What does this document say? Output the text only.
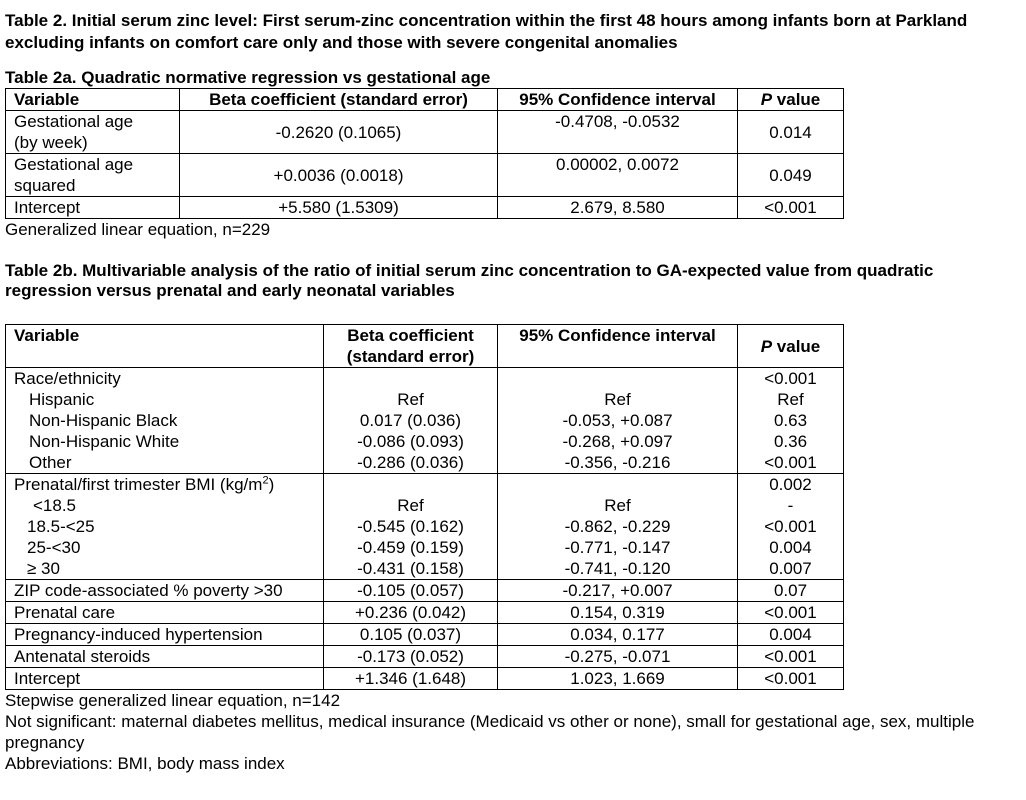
Table 2. Initial serum zinc level: First serum-zinc concentration within the first 48 hours among infants born at Parkland excluding infants on comfort care only and those with severe congenital anomalies

Table 2a. Quadratic normative regression vs gestational age

Variable	Beta coefficient (standard error)	95% Confidence interval	P value

Gestational age
(by week)	-0.2620 (0.1065)	-0.4708, -0.0532	0.014

Gestational age
squared	+0.0036 (0.0018)	0.00002, 0.0072	0.049
Intercept	+5.580 (1.5309)	2.679, 8.580	<0.001

Generalized linear equation, n=229

Table 2b. Multivariable analysis of the ratio of initial serum zinc concentration to GA-expected value from quadratic regression versus prenatal and early neonatal variables

Variable	Beta coefficient
(standard error)	95% Confidence interval	P value
Race/ethnicity			<0.001
Hispanic	Ref	Ref	Ref
Non-Hispanic Black	0.017 (0.036)	-0.053, +0.087	0.63
Non-Hispanic White	-0.086 (0.093)	-0.268, +0.097	0.36
Other	-0.286 (0.036)	-0.356, -0.216	<0.001
Prenatal/first trimester BMI $(kg/m^2)$			0.002
<18.5	Ref	Ref	-
18.5-<25	-0.545 (0.162)	-0.862, -0.229	<0.001
25-<30	-0.459 (0.159)	-0.771, -0.147	0.004
≥ 30	-0.431 (0.158)	-0.741, -0.120	0.007
ZIP code-associated % poverty >30	-0.105 (0.057)	-0.217, +0.007	0.07
Prenatal care	+0.236 (0.042)	0.154, 0.319	<0.001
Pregnancy-induced hypertension	0.105 (0.037)	0.034, 0.177	0.004
Antenatal steroids	-0.173 (0.052)	-0.275, -0.071	<0.001
Intercept	+1.346 (1.648)	1.023, 1.669	<0.001

Stepwise generalized linear equation, n=142

Not significant: maternal diabetes mellitus, medical insurance (Medicaid vs other or none), small for gestational age, sex, multiple pregnancy

Abbreviations: BMI, body mass index
